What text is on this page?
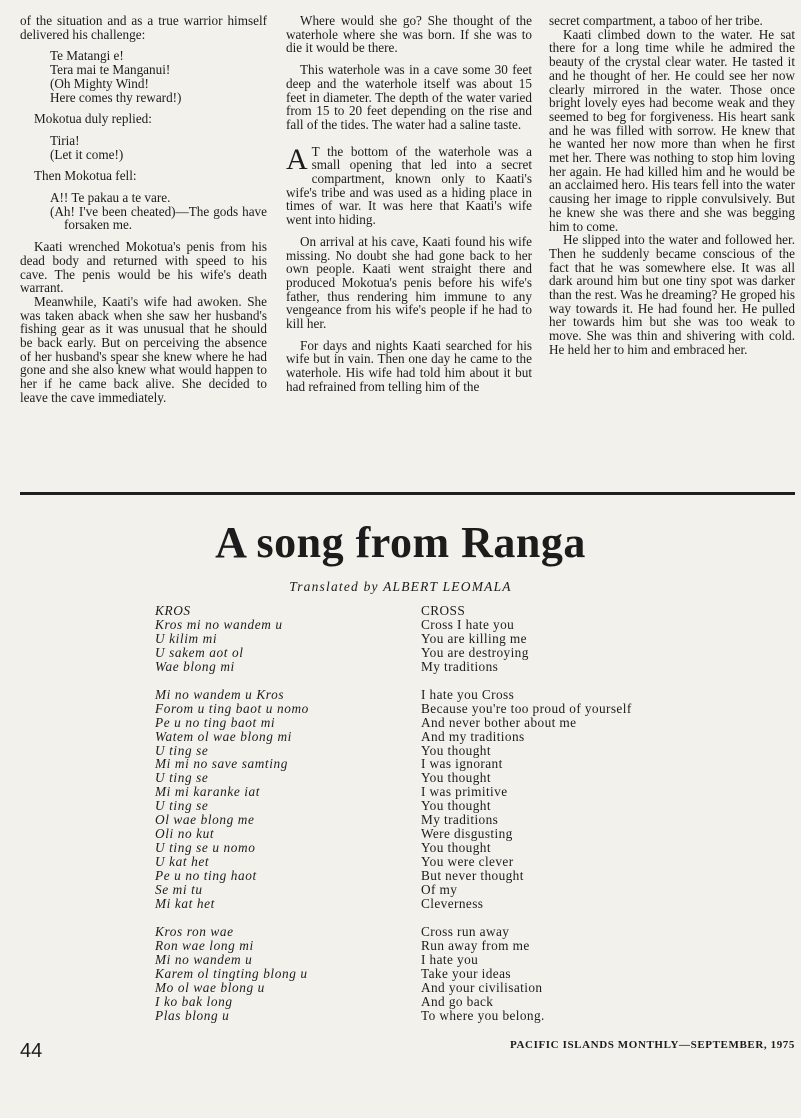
of the situation and as a true warrior himself delivered his challenge:

Te Matangi e!
Tera mai te Manganui!
(Oh Mighty Wind!
Here comes thy reward!)

Mokotua duly replied:

Tiria!
(Let it come!)

Then Mokotua fell:

A!! Te pakau a te vare.
(Ah! I've been cheated)—The gods have forsaken me.

Kaati wrenched Mokotua's penis from his dead body and returned with speed to his cave. The penis would be his wife's death warrant.

Meanwhile, Kaati's wife had awoken. She was taken aback when she saw her husband's fishing gear as it was unusual that he should be back early. But on perceiving the absence of her husband's spear she knew where he had gone and she also knew what would happen to her if he came back alive. She decided to leave the cave immediately.

Where would she go? She thought of the waterhole where she was born. If she was to die it would be there.

This waterhole was in a cave some 30 feet deep and the waterhole itself was about 15 feet in diameter. The depth of the water varied from 15 to 20 feet depending on the rise and fall of the tides. The water had a saline taste.

A T the bottom of the waterhole was a small opening that led into a secret compartment, known only to Kaati's wife's tribe and was used as a hiding place in times of war. It was here that Kaati's wife went into hiding.

On arrival at his cave, Kaati found his wife missing. No doubt she had gone back to her own people. Kaati went straight there and produced Mokotua's penis before his wife's father, thus rendering him immune to any vengeance from his wife's people if he had to kill her.

For days and nights Kaati searched for his wife but in vain. Then one day he came to the waterhole. His wife had told him about it but had refrained from telling him of the

secret compartment, a taboo of her tribe.

Kaati climbed down to the water. He sat there for a long time while he admired the beauty of the crystal clear water. He tasted it and he thought of her. He could see her now clearly mirrored in the water. Those once bright lovely eyes had become weak and they seemed to beg for forgiveness. His heart sank and he was filled with sorrow. He knew that he wanted her now more than when he first met her. There was nothing to stop him loving her again. He had killed him and he would be an acclaimed hero. His tears fell into the water causing her image to ripple convulsively. But he knew she was there and she was begging him to come.

He slipped into the water and followed her. Then he suddenly became conscious of the fact that he was somewhere else. It was all dark around him but one tiny spot was darker than the rest. Was he dreaming? He groped his way towards it. He had found her. He pulled her towards him but she was too weak to move. She was thin and shivering with cold. He held her to him and embraced her.

A song from Ranga
Translated by ALBERT LEOMALA
KROS
Kros mi no wandem u
U kilim mi
U sakem aot ol
Wae blong mi
Mi no wandem u Kros
Forom u ting baot u nomo
Pe u no ting baot mi
Watem ol wae blong mi
U ting se
Mi mi no save samting
U ting se
Mi mi karanke iat
U ting se
Ol wae blong me
Oli no kut
U ting se u nomo
U kat het
Pe u no ting haot
Se mi tu
Mi kat het
Kros ron wae
Ron wae long mi
Mi no wandem u
Karem ol tingting blong u
Mo ol wae blong u
I ko bak long
Plas blong u
CROSS
Cross I hate you
You are killing me
You are destroying
My traditions
I hate you Cross
Because you're too proud of yourself
And never bother about me
And my traditions
You thought
I was ignorant
You thought
I was primitive
You thought
My traditions
Were disgusting
You thought
You were clever
But never thought
Of my
Cleverness
Cross run away
Run away from me
I hate you
Take your ideas
And your civilisation
And go back
To where you belong.
44	PACIFIC ISLANDS MONTHLY—SEPTEMBER, 1975
